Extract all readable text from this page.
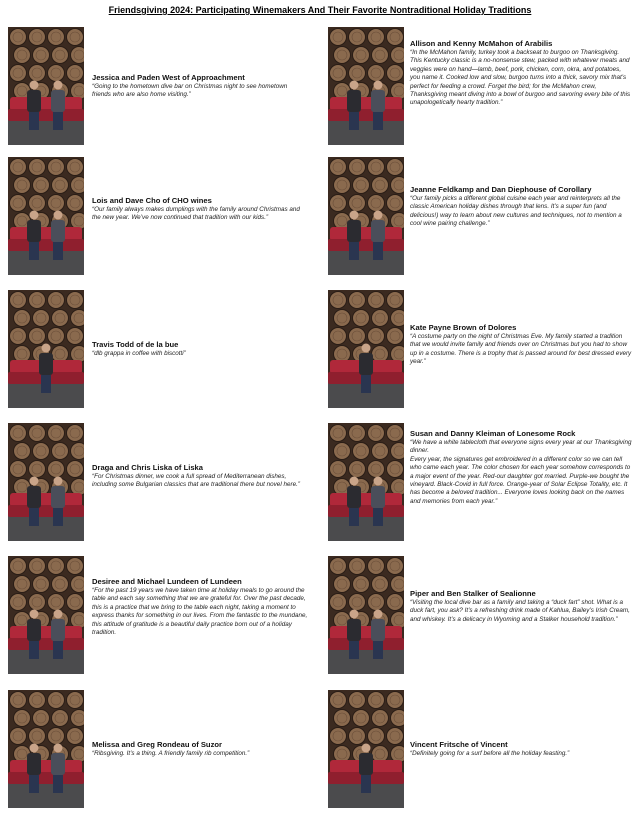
Friendsgiving 2024: Participating Winemakers And Their Favorite Nontraditional Holiday Traditions
Jessica and Paden West of Approachment
“Going to the hometown dive bar on Christmas night to see hometown friends who are also home visiting.”
Lois and Dave Cho of CHO wines
“Our family always makes dumplings with the family around Christmas and the new year. We’ve now continued that tradition with our kids.”
Travis Todd of de la bue
“dlb grappa in coffee with biscotti”
Draga and Chris Liska of Liska
“For Christmas dinner, we cook a full spread of Mediterranean dishes, including some Bulgarian classics that are traditional there but novel here.”
Desiree and Michael Lundeen of Lundeen
“For the past 19 years we have taken time at holiday meals to go around the table and each say something that we are grateful for. Over the past decade, this is a practice that we bring to the table each night, taking a moment to express thanks for something in our lives. From the fantastic to the mundane, this attitude of gratitude is a beautiful daily practice born out of a holiday tradition.
Melissa and Greg Rondeau of Suzor
“Ribsgiving. It’s a thing. A friendly family rib competition.”
Allison and Kenny McMahon of Arabilis
“In the McMahon family, turkey took a backseat to burgoo on Thanksgiving. This Kentucky classic is a no-nonsense stew, packed with whatever meats and veggies were on hand—lamb, beef, pork, chicken, corn, okra, and potatoes, you name it. Cooked low and slow, burgoo turns into a thick, savory mix that’s perfect for feeding a crowd. Forget the bird; for the McMahon crew, Thanksgiving meant diving into a bowl of burgoo and savoring every bite of this unapologetically hearty tradition.”
Jeanne Feldkamp and Dan Diephouse of Corollary
“Our family picks a different global cuisine each year and reinterprets all the classic American holiday dishes through that lens. It’s a super fun (and delicious!) way to learn about new cultures and techniques, not to mention a cool wine pairing challenge.”
Kate Payne Brown of Dolores
“A costume party on the night of Christmas Eve. My family started a tradition that we would invite family and friends over on Christmas but you had to show up in a costume. There is a trophy that is passed around for best dressed every year.”
Susan and Danny Kleiman of Lonesome Rock
“We have a white tablecloth that everyone signs every year at our Thanksgiving dinner.
Every year, the signatures get embroidered in a different color so we can tell who came each year. The color chosen for each year somehow corresponds to a major event of the year. Red-our daughter got married. Purple-we bought the vineyard. Black-Covid in full force. Orange-year of Solar Eclipse Totality, etc. It has become a beloved tradition... Everyone loves looking back on the names and memories from each year.”
Piper and Ben Stalker of Sealionne
“Visiting the local dive bar as a family and taking a “duck fart” shot. What is a duck fart, you ask? It’s a refreshing drink made of Kahlua, Bailey’s Irish Cream, and whiskey. It’s a delicacy in Wyoming and a Stalker household tradition.”
Vincent Fritsche of Vincent
“Definitely going for a surf before all the holiday feasting.”
